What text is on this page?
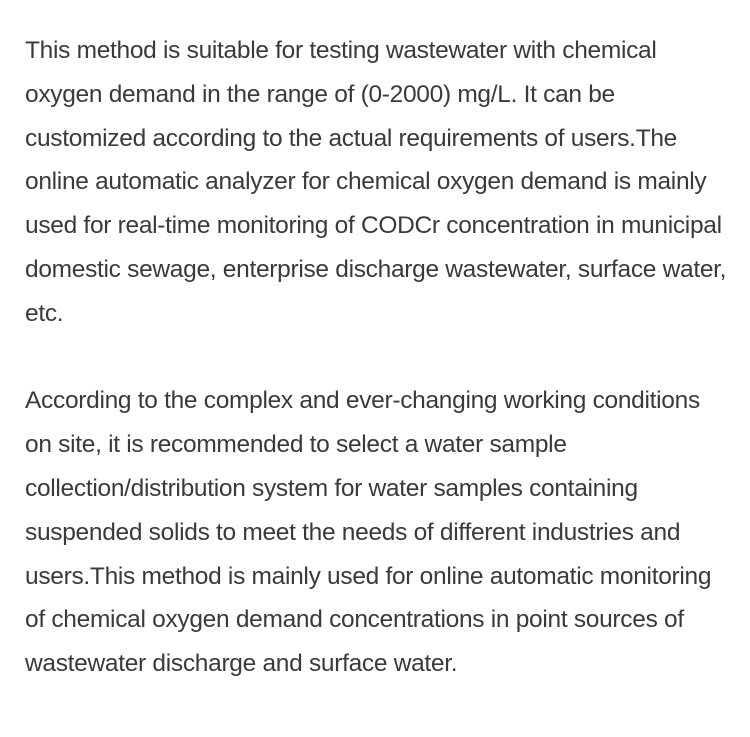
This method is suitable for testing wastewater with chemical oxygen demand in the range of (0-2000) mg/L. It can be customized according to the actual requirements of users.The online automatic analyzer for chemical oxygen demand is mainly used for real-time monitoring of CODCr concentration in municipal domestic sewage, enterprise discharge wastewater, surface water, etc.

According to the complex and ever-changing working conditions on site, it is recommended to select a water sample collection/distribution system for water samples containing suspended solids to meet the needs of different industries and users.This method is mainly used for online automatic monitoring of chemical oxygen demand concentrations in point sources of wastewater discharge and surface water.
